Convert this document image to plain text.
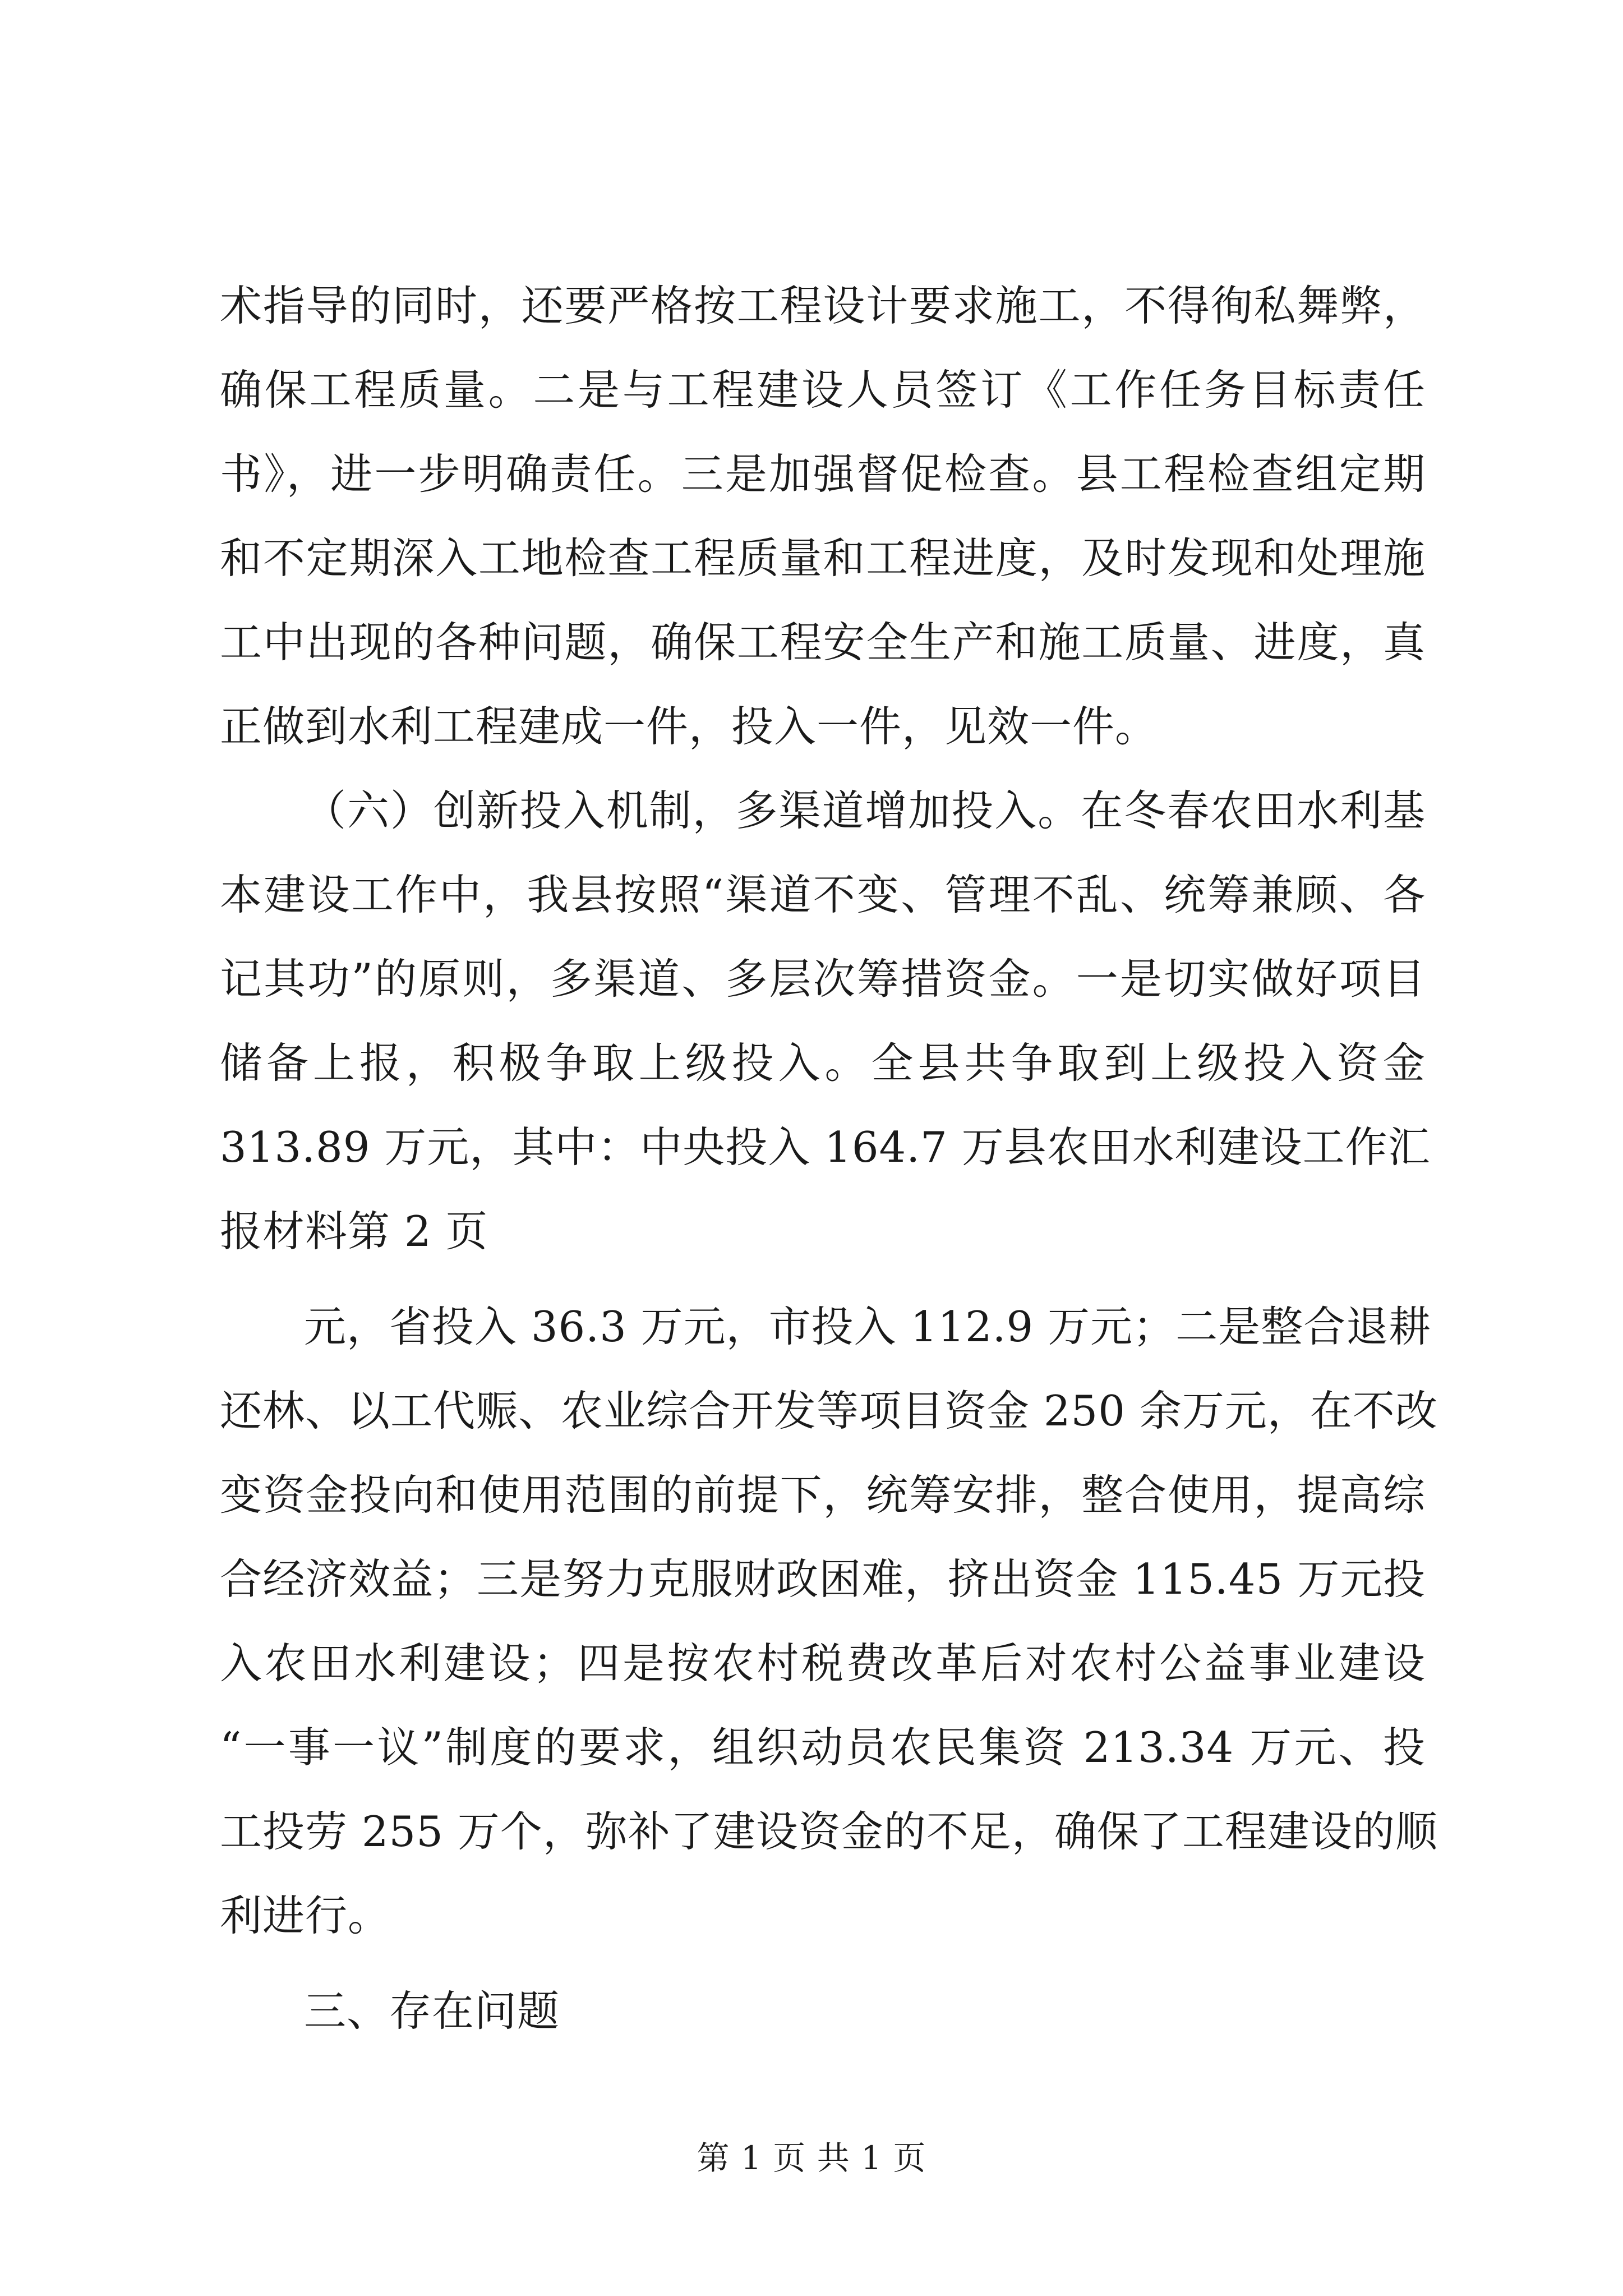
术指导的同时，还要严格按工程设计要求施工，不得徇私舞弊，
确保工程质量。二是与工程建设人员签订《工作任务目标责任
书》，进一步明确责任。三是加强督促检查。县工程检查组定期
和不定期深入工地检查工程质量和工程进度，及时发现和处理施
工中出现的各种问题，确保工程安全生产和施工质量、进度，真
正做到水利工程建成一件，投入一件，见效一件。
（六）创新投入机制，多渠道增加投入。在冬春农田水利基
本建设工作中，我县按照“渠道不变、管理不乱、统筹兼顾、各
记其功”的原则，多渠道、多层次筹措资金。一是切实做好项目
储备上报，积极争取上级投入。全县共争取到上级投入资金
313.89 万元，其中：中央投入 164.7 万县农田水利建设工作汇
报材料第 2 页
元，省投入 36.3 万元，市投入 112.9 万元；二是整合退耕
还林、以工代赈、农业综合开发等项目资金 250 余万元，在不改
变资金投向和使用范围的前提下，统筹安排，整合使用，提高综
合经济效益；三是努力克服财政困难，挤出资金 115.45 万元投
入农田水利建设；四是按农村税费改革后对农村公益事业建设
“一事一议”制度的要求，组织动员农民集资 213.34 万元、投
工投劳 255 万个，弥补了建设资金的不足，确保了工程建设的顺
利进行。
三、存在问题
第 1 页 共 1 页
